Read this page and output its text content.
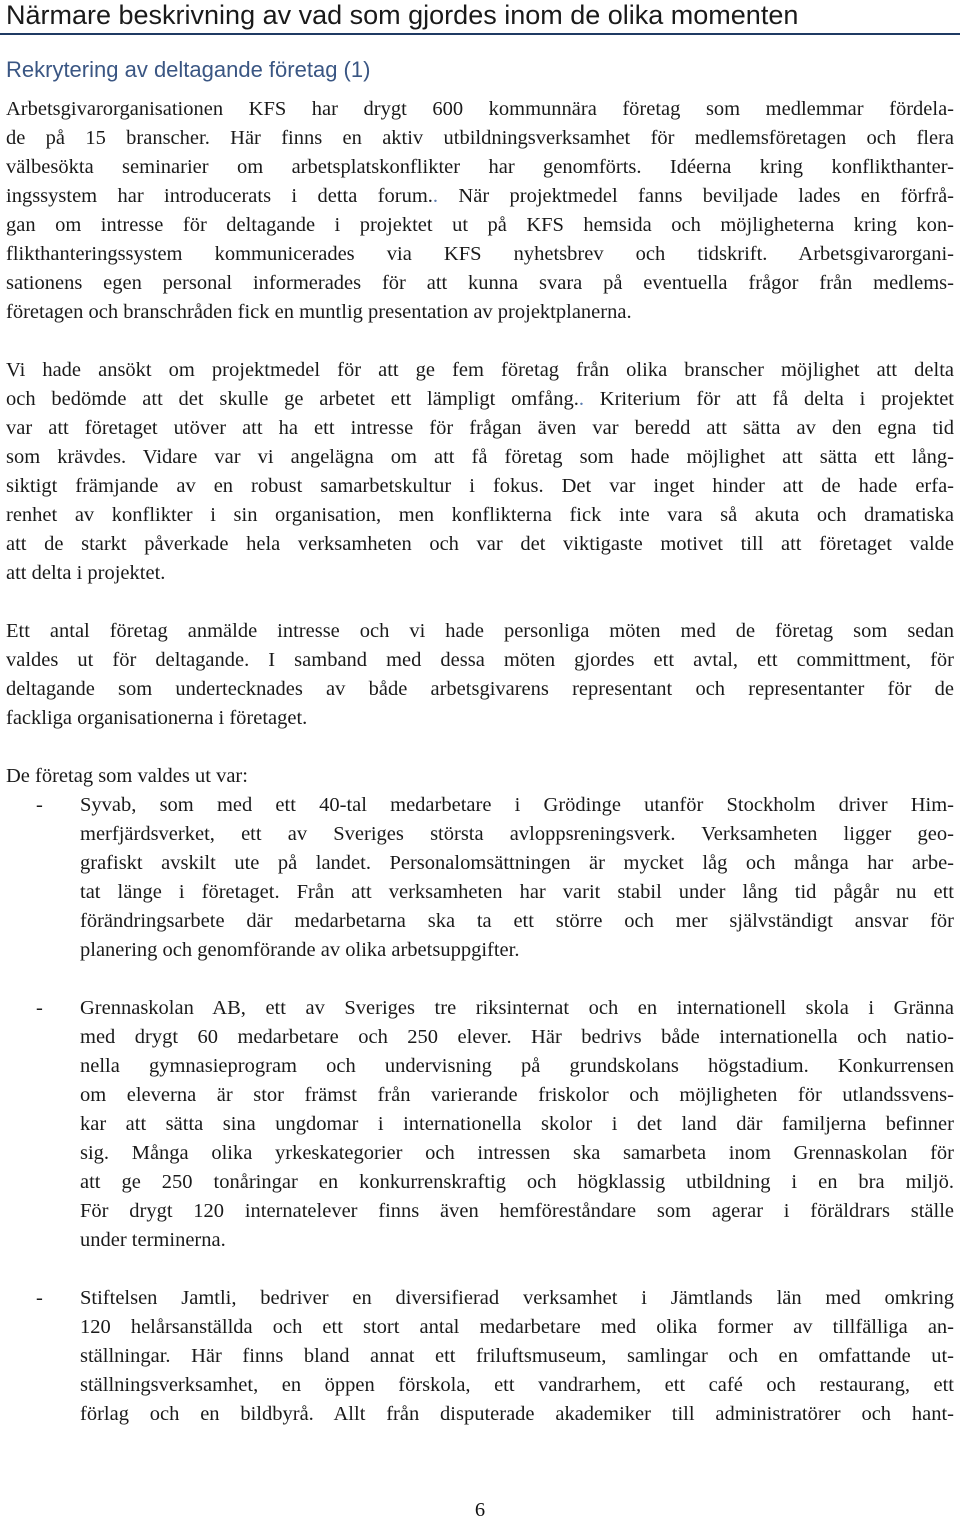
Närmare beskrivning av vad som gjordes inom de olika momenten
Rekrytering av deltagande företag (1)
Arbetsgivarorganisationen KFS har drygt 600 kommunnära företag som medlemmar fördela-
de på 15 branscher. Här finns en aktiv utbildningsverksamhet för medlemsföretagen och flera
välbesökta seminarier om arbetsplatskonflikter har genomförts. Idéerna kring konflikthanter-
ingssystem har introducerats i detta forum.. När projektmedel fanns beviljade lades en förfrå-
gan om intresse för deltagande i projektet ut på KFS hemsida och möjligheterna kring kon-
flikthanteringssystem kommunicerades via KFS nyhetsbrev och tidskrift. Arbetsgivarorgani-
sationens egen personal informerades för att kunna svara på eventuella frågor från medlems-
företagen och branschråden fick en muntlig presentation av projektplanerna.
Vi hade ansökt om projektmedel för att ge fem företag från olika branscher möjlighet att delta
och bedömde att det skulle ge arbetet ett lämpligt omfång.. Kriterium för att få delta i projektet
var att företaget utöver att ha ett intresse för frågan även var beredd att sätta av den egna tid
som krävdes. Vidare var vi angelägna om att få företag som hade möjlighet att sätta ett lång-
siktigt främjande av en robust samarbetskultur i fokus. Det var inget hinder att de hade erfa-
renhet av konflikter i sin organisation, men konflikterna fick inte vara så akuta och dramatiska
att de starkt påverkade hela verksamheten och var det viktigaste motivet till att företaget valde
att delta i projektet.
Ett antal företag anmälde intresse och vi hade personliga möten med de företag som sedan
valdes ut för deltagande. I samband med dessa möten gjordes ett avtal, ett committment, för
deltagande som undertecknades av både arbetsgivarens representant och representanter för de
fackliga organisationerna i företaget.
De företag som valdes ut var:
- Syvab, som med ett 40-tal medarbetare i Grödinge utanför Stockholm driver Him-
merfjärdsverket, ett av Sveriges största avloppsreningsverk. Verksamheten ligger geo-
grafiskt avskilt ute på landet. Personalomsättningen är mycket låg och många har arbe-
tat länge i företaget. Från att verksamheten har varit stabil under lång tid pågår nu ett
förändringsarbete där medarbetarna ska ta ett större och mer självständigt ansvar för
planering och genomförande av olika arbetsuppgifter.
- Grennaskolan AB, ett av Sveriges tre riksinternat och en internationell skola i Gränna
med drygt 60 medarbetare och 250 elever. Här bedrivs både internationella och natio-
nella gymnasieprogram och undervisning på grundskolans högstadium. Konkurrensen
om eleverna är stor främst från varierande friskolor och möjligheten för utlandssvens-
kar att sätta sina ungdomar i internationella skolor i det land där familjerna befinner
sig. Många olika yrkeskategorier och intressen ska samarbeta inom Grennaskolan för
att ge 250 tonåringar en konkurrenskraftig och högklassig utbildning i en bra miljö.
För drygt 120 internatelever finns även hemföreståndare som agerar i föräldrars ställe
under terminerna.
- Stiftelsen Jamtli, bedriver en diversifierad verksamhet i Jämtlands län med omkring
120 helårsanställda och ett stort antal medarbetare med olika former av tillfälliga an-
ställningar. Här finns bland annat ett friluftsmuseum, samlingar och en omfattande ut-
ställningsverksamhet, en öppen förskola, ett vandrarhem, ett café och restaurang, ett
förlag och en bildbyrå. Allt från disputerade akademiker till administratörer och hant-
6
